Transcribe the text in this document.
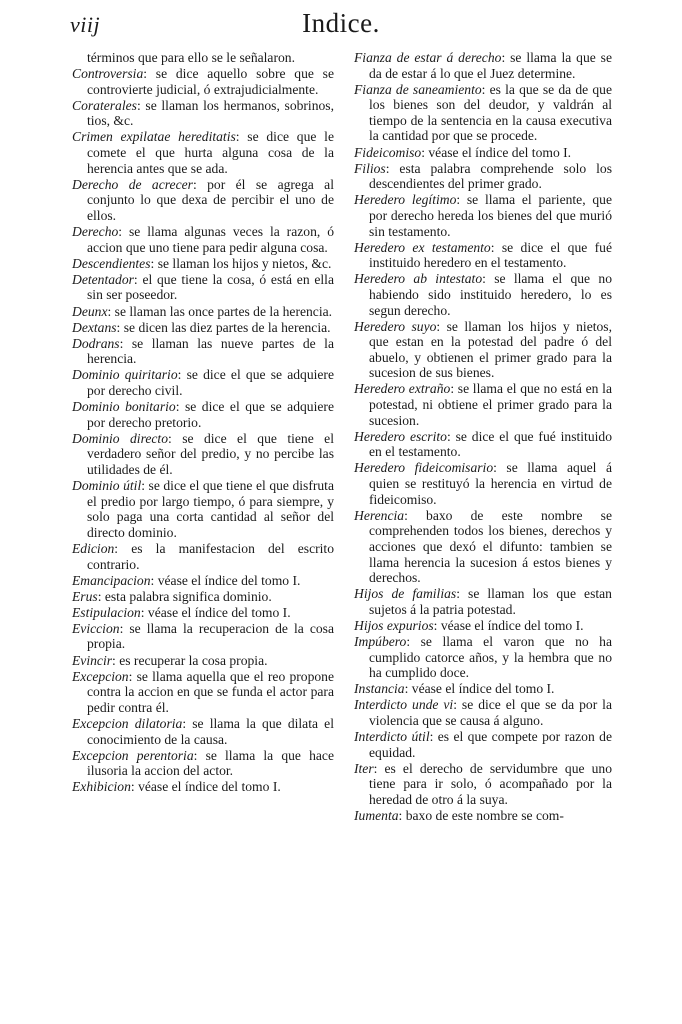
viij	Indice.

términos que para ello se le señalaron.

Controversia: se dice aquello sobre que se controvierte judicial, ó extrajudicialmente.

Coraterales: se llaman los hermanos, sobrinos, tios, &c.

Crimen expilatae hereditatis: se dice que le comete el que hurta alguna cosa de la herencia antes que se ada.

Derecho de acrecer: por él se agrega al conjunto lo que dexa de percibir el uno de ellos.

Derecho: se llama algunas veces la razon, ó accion que uno tiene para pedir alguna cosa.

Descendientes: se llaman los hijos y nietos, &c.

Detentador: el que tiene la cosa, ó está en ella sin ser poseedor.

Deunx: se llaman las once partes de la herencia.

Dextans: se dicen las diez partes de la herencia.

Dodrans: se llaman las nueve partes de la herencia.

Dominio quiritario: se dice el que se adquiere por derecho civil.

Dominio bonitario: se dice el que se adquiere por derecho pretorio.

Dominio directo: se dice el que tiene el verdadero señor del predio, y no percibe las utilidades de él.

Dominio útil: se dice el que tiene el que disfruta el predio por largo tiempo, ó para siempre, y solo paga una corta cantidad al señor del directo dominio.

Edicion: es la manifestacion del escrito contrario.

Emancipacion: véase el índice del tomo I.

Erus: esta palabra significa dominio.

Estipulacion: véase el índice del tomo I.

Eviccion: se llama la recuperacion de la cosa propia.

Evincir: es recuperar la cosa propia.

Excepcion: se llama aquella que el reo propone contra la accion en que se funda el actor para pedir contra él.

Excepcion dilatoria: se llama la que dilata el conocimiento de la causa.

Excepcion perentoria: se llama la que hace ilusoria la accion del actor.

Exhibicion: véase el índice del tomo I.

Fianza de estar á derecho: se llama la que se da de estar á lo que el Juez determine.

Fianza de saneamiento: es la que se da de que los bienes son del deudor, y valdrán al tiempo de la sentencia en la causa executiva la cantidad por que se procede.

Fideicomiso: véase el índice del tomo I.

Filios: esta palabra comprehende solo los descendientes del primer grado.

Heredero legítimo: se llama el pariente, que por derecho hereda los bienes del que murió sin testamento.

Heredero ex testamento: se dice el que fué instituido heredero en el testamento.

Heredero ab intestato: se llama el que no habiendo sido instituido heredero, lo es segun derecho.

Heredero suyo: se llaman los hijos y nietos, que estan en la potestad del padre ó del abuelo, y obtienen el primer grado para la sucesion de sus bienes.

Heredero extraño: se llama el que no está en la potestad, ni obtiene el primer grado para la sucesion.

Heredero escrito: se dice el que fué instituido en el testamento.

Heredero fideicomisario: se llama aquel á quien se restituyó la herencia en virtud de fideicomiso.

Herencia: baxo de este nombre se comprehenden todos los bienes, derechos y acciones que dexó el difunto: tambien se llama herencia la sucesion á estos bienes y derechos.

Hijos de familias: se llaman los que estan sujetos á la patria potestad.

Hijos expurios: véase el índice del tomo I.

Impúbero: se llama el varon que no ha cumplido catorce años, y la hembra que no ha cumplido doce.

Instancia: véase el índice del tomo I.

Interdicto unde vi: se dice el que se da por la violencia que se causa á alguno.

Interdicto útil: es el que compete por razon de equidad.

Iter: es el derecho de servidumbre que uno tiene para ir solo, ó acompañado por la heredad de otro á la suya.

Iumenta: baxo de este nombre se com-
